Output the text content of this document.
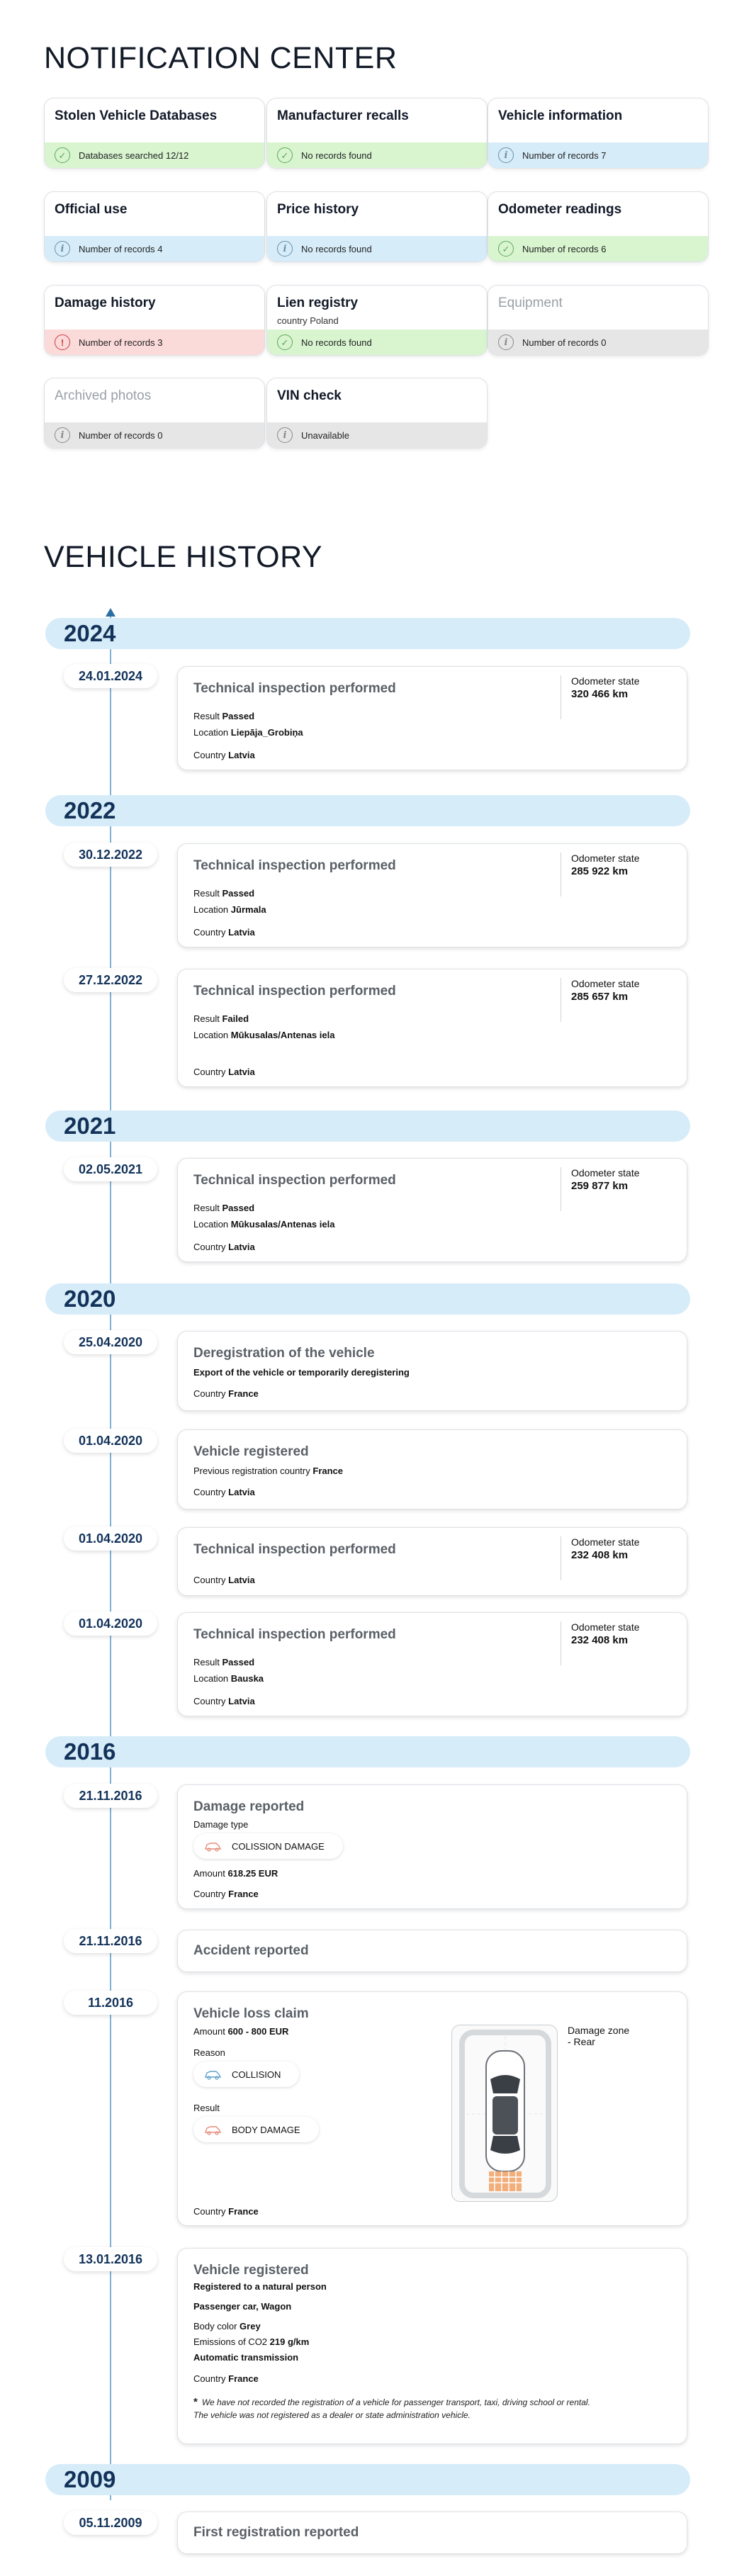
NOTIFICATION CENTER
Stolen Vehicle Databases
✓	Databases searched 12/12
Manufacturer recalls
✓	No records found
Vehicle information
i	Number of records 7
Official use
i	Number of records 4
Price history
i	No records found
Odometer readings
✓	Number of records 6
Damage history
!	Number of records 3
Lien registry
country Poland
✓	No records found
Equipment
i	Number of records 0
Archived photos
i	Number of records 0
VIN check
i	Unavailable
VEHICLE HISTORY
2024
2022
2021
2020
2016
2009
24.01.2024
30.12.2022
27.12.2022
02.05.2021
25.04.2020
01.04.2020
01.04.2020
01.04.2020
21.11.2016
21.11.2016
11.2016
13.01.2016
05.11.2009
Technical inspection performed
Result Passed
Location Liepāja_Grobiņa
Country Latvia
Odometer state
320 466 km
Technical inspection performed
Result Passed
Location Jūrmala
Country Latvia
Odometer state
285 922 km
Technical inspection performed
Result Failed
Location Mūkusalas/Antenas iela
Country Latvia
Odometer state
285 657 km
Technical inspection performed
Result Passed
Location Mūkusalas/Antenas iela
Country Latvia
Odometer state
259 877 km
Deregistration of the vehicle
Export of the vehicle or temporarily deregistering
Country France
Vehicle registered
Previous registration country France
Country Latvia
Technical inspection performed
Country Latvia
Odometer state
232 408 km
Technical inspection performed
Result Passed
Location Bauska
Country Latvia
Odometer state
232 408 km
Damage reported
Damage type
COLISSION DAMAGE
Amount 618.25 EUR
Country France
Accident reported
Vehicle loss claim
Amount 600 - 800 EUR
Reason
COLLISION
Result
BODY DAMAGE
Country France
Damage zone
- Rear
Vehicle registered
Registered to a natural person
Passenger car, Wagon
Body color Grey
Emissions of CO2 219 g/km
Automatic transmission
Country France
* We have not recorded the registration of a vehicle for passenger transport, taxi, driving school or rental.
The vehicle was not registered as a dealer or state administration vehicle.
First registration reported
